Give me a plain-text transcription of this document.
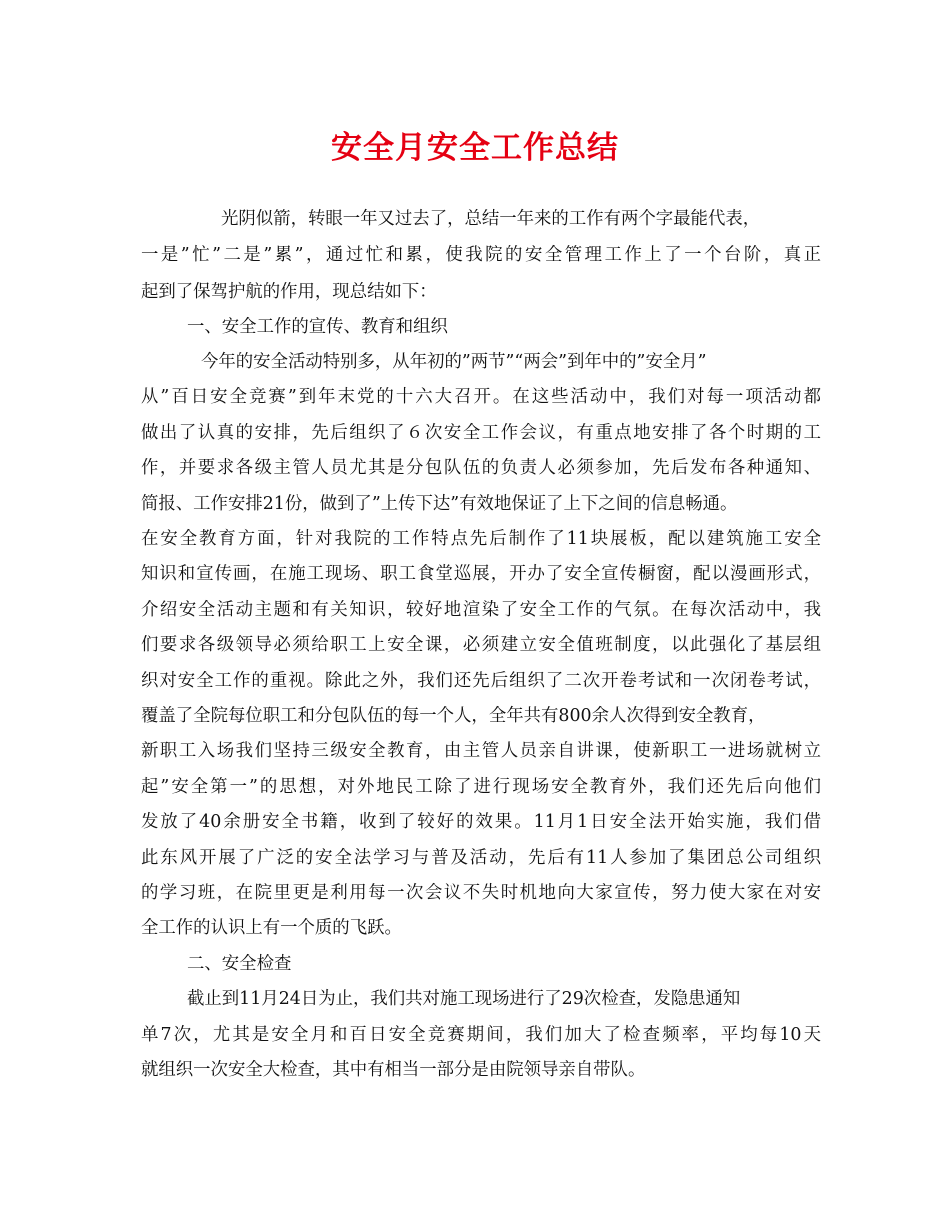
安全月安全工作总结
光阴似箭，转眼一年又过去了，总结一年来的工作有两个字最能代表，
一是”忙”二是”累”，通过忙和累，使我院的安全管理工作上了一个台阶，真正
起到了保驾护航的作用，现总结如下：
一、安全工作的宣传、教育和组织
今年的安全活动特别多，从年初的”两节”“两会”到年中的”安全月”
从”百日安全竞赛”到年末党的十六大召开。在这些活动中，我们对每一项活动都
做出了认真的安排，先后组织了６次安全工作会议，有重点地安排了各个时期的工
作，并要求各级主管人员尤其是分包队伍的负责人必须参加，先后发布各种通知、
简报、工作安排21份，做到了”上传下达”有效地保证了上下之间的信息畅通。
在安全教育方面，针对我院的工作特点先后制作了11块展板，配以建筑施工安全
知识和宣传画，在施工现场、职工食堂巡展，开办了安全宣传橱窗，配以漫画形式，
介绍安全活动主题和有关知识，较好地渲染了安全工作的气氛。在每次活动中，我
们要求各级领导必须给职工上安全课，必须建立安全值班制度，以此强化了基层组
织对安全工作的重视。除此之外，我们还先后组织了二次开卷考试和一次闭卷考试，
覆盖了全院每位职工和分包队伍的每一个人，全年共有800余人次得到安全教育，
新职工入场我们坚持三级安全教育，由主管人员亲自讲课，使新职工一进场就树立
起”安全第一”的思想，对外地民工除了进行现场安全教育外，我们还先后向他们
发放了40余册安全书籍，收到了较好的效果。11月1日安全法开始实施，我们借
此东风开展了广泛的安全法学习与普及活动，先后有11人参加了集团总公司组织
的学习班，在院里更是利用每一次会议不失时机地向大家宣传，努力使大家在对安
全工作的认识上有一个质的飞跃。
二、安全检查
截止到11月24日为止，我们共对施工现场进行了29次检查，发隐患通知
单7次，尤其是安全月和百日安全竞赛期间，我们加大了检查频率，平均每10天
就组织一次安全大检查，其中有相当一部分是由院领导亲自带队。
